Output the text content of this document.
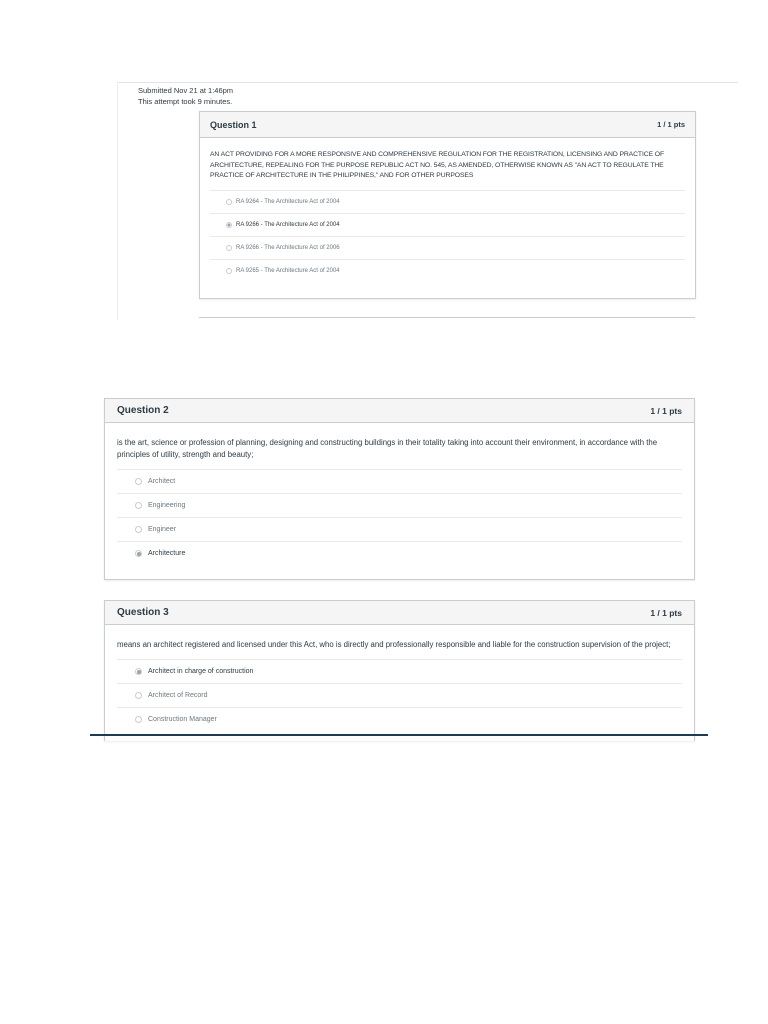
Submitted Nov 21 at 1:46pm
This attempt took 9 minutes.
Question 1	1 / 1 pts
AN ACT PROVIDING FOR A MORE RESPONSIVE AND COMPREHENSIVE REGULATION FOR THE REGISTRATION, LICENSING AND PRACTICE OF ARCHITECTURE, REPEALING FOR THE PURPOSE REPUBLIC ACT NO. 545, AS AMENDED, OTHERWISE KNOWN AS "AN ACT TO REGULATE THE PRACTICE OF ARCHITECTURE IN THE PHILIPPINES," AND FOR OTHER PURPOSES
RA 9264 - The Architecture Act of 2004
RA 9266 - The Architecture Act of 2004
RA 9266 - The Architecture Act of 2006
RA 9265 - The Architecture Act of 2004
Question 2	1 / 1 pts
is the art, science or profession of planning, designing and constructing buildings in their totality taking into account their environment, in accordance with the principles of utility, strength and beauty;
Architect
Engineering
Engineer
Architecture
Question 3	1 / 1 pts
means an architect registered and licensed under this Act, who is directly and professionally responsible and liable for the construction supervision of the project;
Architect in charge of construction
Architect of Record
Construction Manager
